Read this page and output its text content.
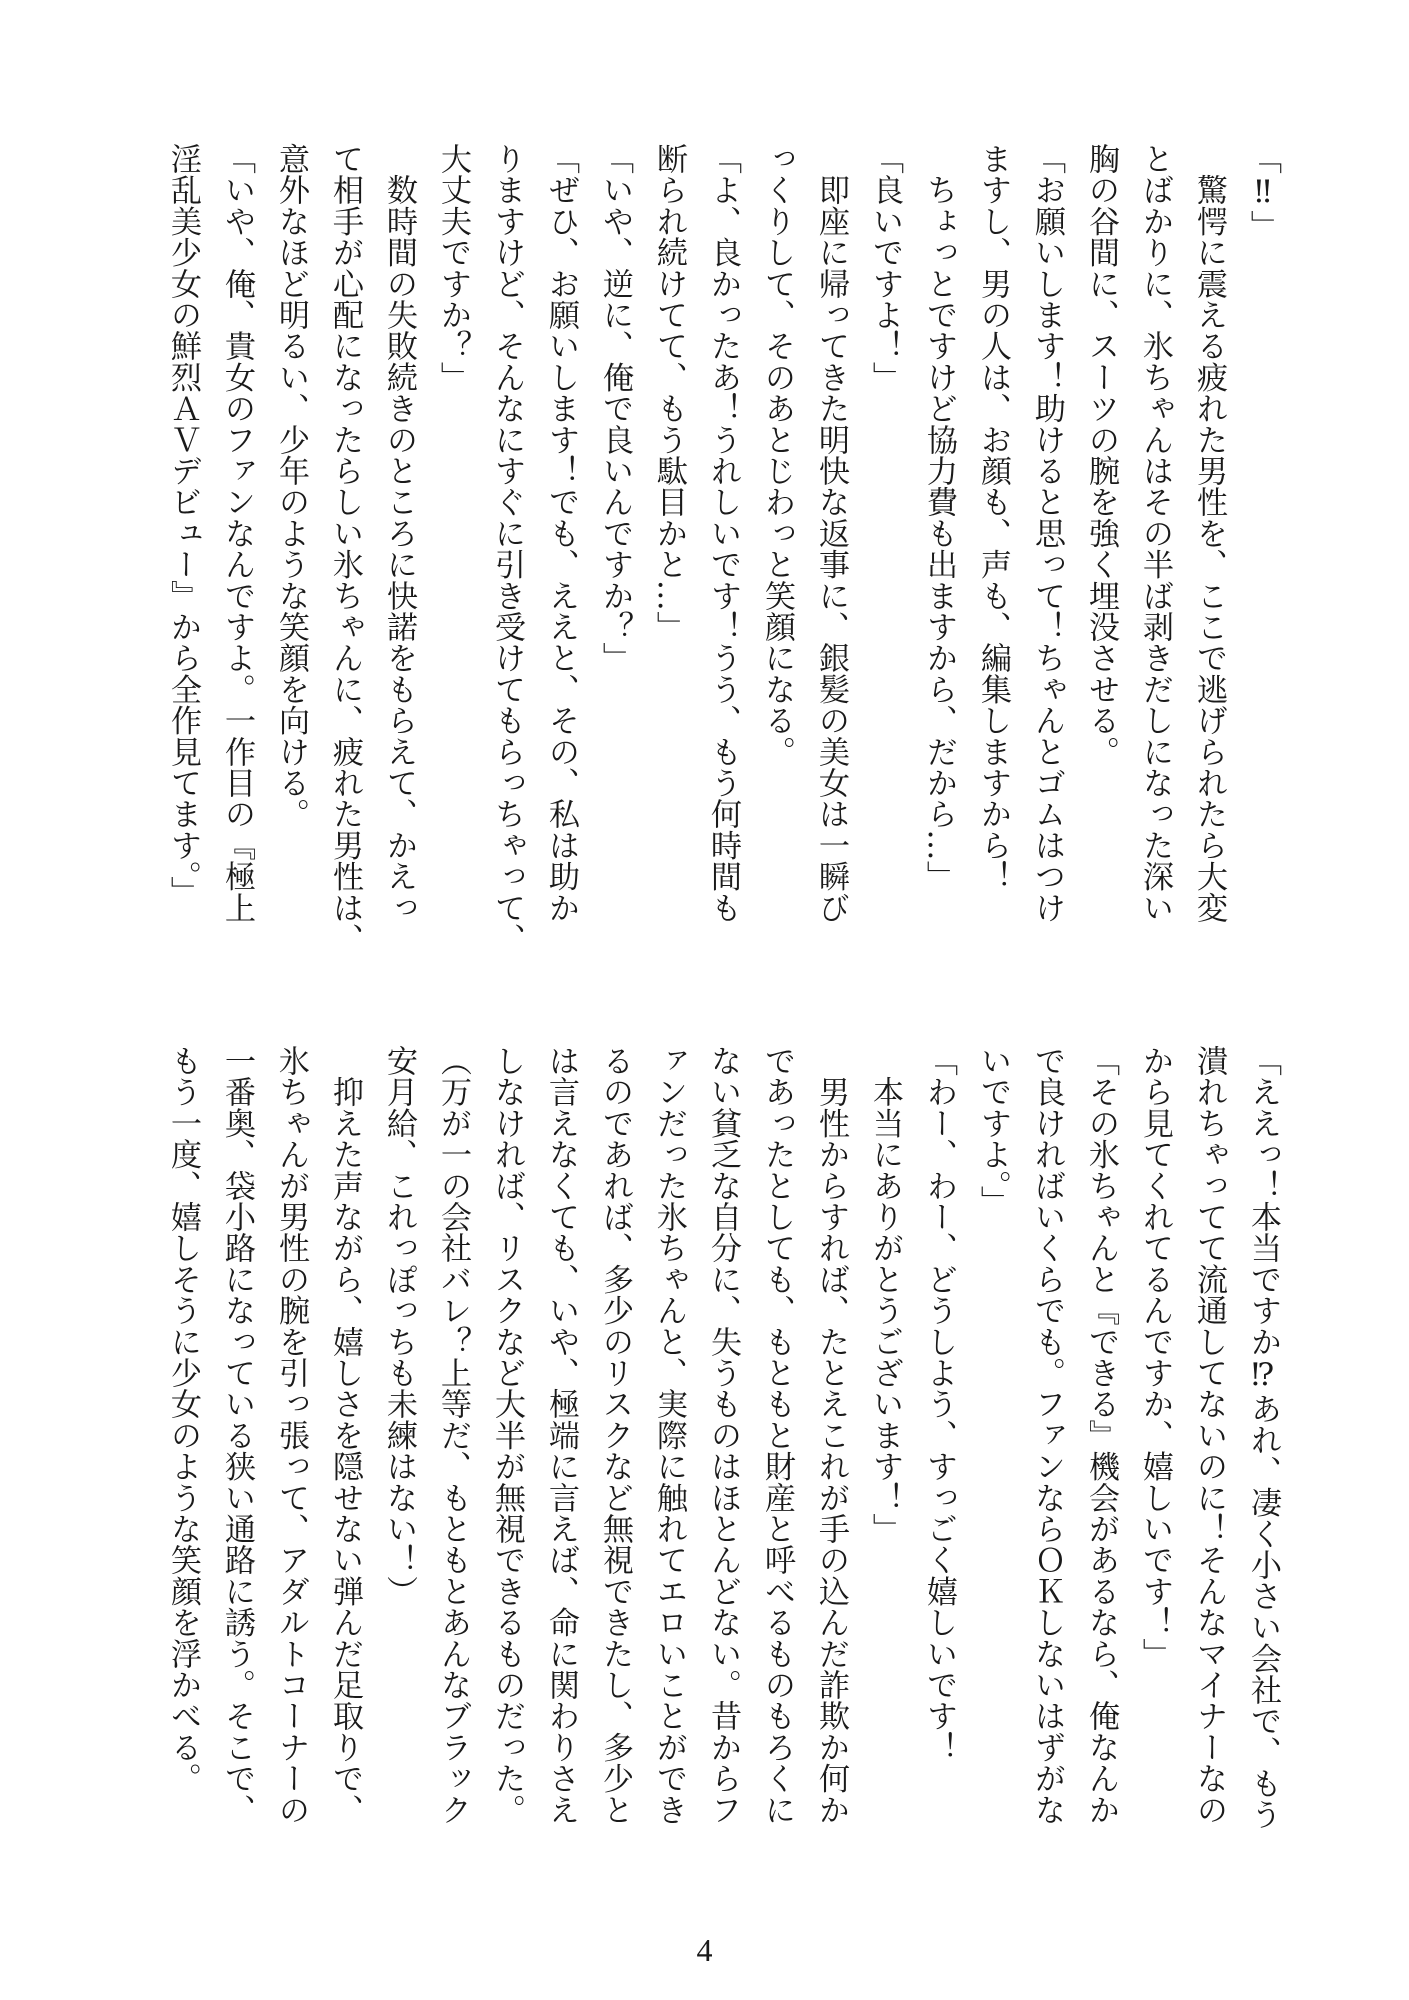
「‼」
　驚愕に震える疲れた男性を、ここで逃げられたら大変
とばかりに、氷ちゃんはその半ば剥きだしになった深い
胸の谷間に、スーツの腕を強く埋没させる。
「お願いします！助けると思って！ちゃんとゴムはつけ
ますし、男の人は、お顔も、声も、編集しますから！
　ちょっとですけど協力費も出ますから、だから…」
「良いですよ！」
　即座に帰ってきた明快な返事に、銀髪の美女は一瞬び
っくりして、そのあとじわっと笑顔になる。
「よ、良かったあ！うれしいです！うう、もう何時間も
断られ続けてて、もう駄目かと…」
「いや、逆に、俺で良いんですか？」
「ぜひ、お願いします！でも、ええと、その、私は助か
りますけど、そんなにすぐに引き受けてもらっちゃって、
大丈夫ですか？」
　数時間の失敗続きのところに快諾をもらえて、かえっ
て相手が心配になったらしい氷ちゃんに、疲れた男性は、
意外なほど明るい、少年のような笑顔を向ける。
「いや、俺、貴女のファンなんですよ。一作目の『極上
淫乱美少女の鮮烈ＡＶデビュー』から全作見てます。」
「ええっ！本当ですか⁉あれ、凄く小さい会社で、もう
潰れちゃってて流通してないのに！そんなマイナーなの
から見てくれてるんですか、嬉しいです！」
「その氷ちゃんと『できる』機会があるなら、俺なんか
で良ければいくらでも。ファンならＯＫしないはずがな
いですよ。」
「わー、わー、どうしよう、すっごく嬉しいです！
　本当にありがとうございます！」
　男性からすれば、たとえこれが手の込んだ詐欺か何か
であったとしても、もともと財産と呼べるものもろくに
ない貧乏な自分に、失うものはほとんどない。昔からフ
ァンだった氷ちゃんと、実際に触れてエロいことができ
るのであれば、多少のリスクなど無視できたし、多少と
は言えなくても、いや、極端に言えば、命に関わりさえ
しなければ、リスクなど大半が無視できるものだった。
（万が一の会社バレ？上等だ、もともとあんなブラック
安月給、これっぽっちも未練はない！）
　抑えた声ながら、嬉しさを隠せない弾んだ足取りで、
氷ちゃんが男性の腕を引っ張って、アダルトコーナーの
一番奥、袋小路になっている狭い通路に誘う。そこで、
もう一度、嬉しそうに少女のような笑顔を浮かべる。
4
